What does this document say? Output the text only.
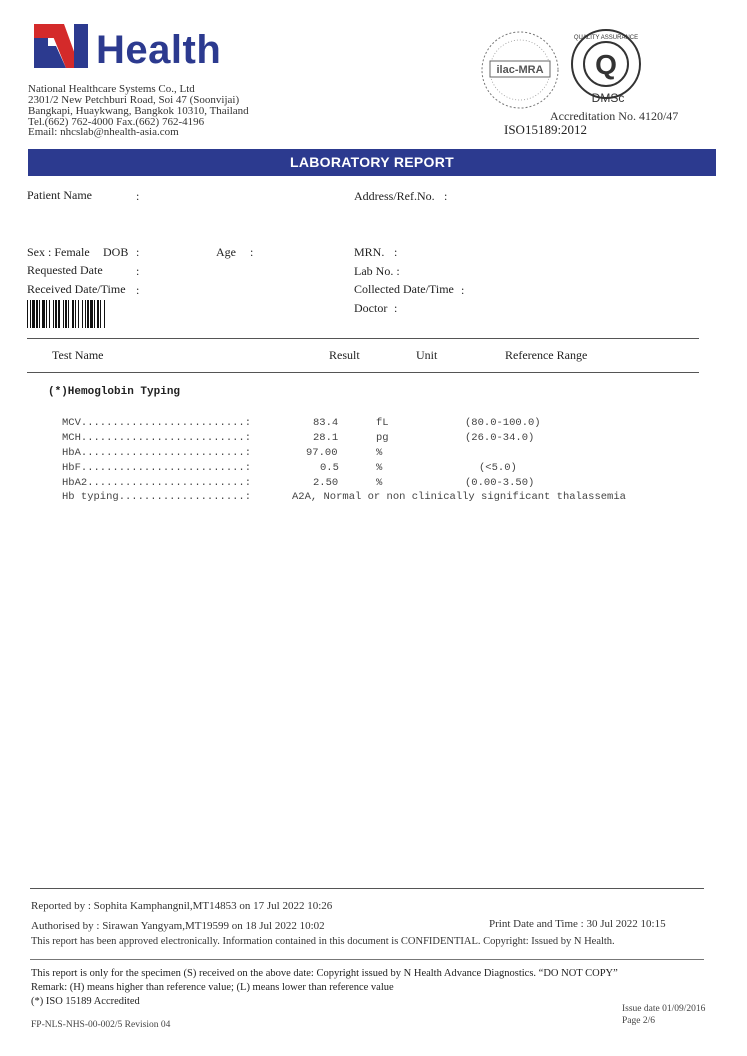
Health
National Healthcare Systems Co., Ltd
2301/2 New Petchburi Road, Soi 47 (Soonvijai)
Bangkapi, Huaykwang, Bangkok 10310, Thailand
Tel.(662) 762-4000 Fax.(662) 762-4196
Email: nhcslab@nhealth-asia.com
ilac-MRA Q
QUALITY ASSURANCE
DMSc
Accreditation No. 4120/47
ISO15189:2012
LABORATORY REPORT
Patient Name	:	Address/Ref.No. :
Sex : Female DOB :	Age :	MRN. :
Requested Date	:	Lab No. :
Received Date/Time :	Collected Date/Time :
Doctor :
Test Name	Result	Unit	Reference Range
(*)Hemoglobin Typing
MCV..........................:	83.4	fL	(80.0-100.0)
MCH..........................:	28.1	pg	(26.0-34.0)
HbA..........................:	97.00	%
HbF..........................:	0.5	%	(<5.0)
HbA2.........................:	2.50	%	(0.00-3.50)
Hb typing....................:	A2A, Normal or non clinically significant thalassemia
Reported by : Sophita Kamphangnil,MT14853 on 17 Jul 2022 10:26
Authorised by : Sirawan Yangyam,MT19599 on 18 Jul 2022 10:02	Print Date and Time : 30 Jul 2022 10:15
This report has been approved electronically. Information contained in this document is CONFIDENTIAL. Copyright: Issued by N Health.
This report is only for the specimen (S) received on the above date: Copyright issued by N Health Advance Diagnostics. “DO NOT COPY”
Remark: (H) means higher than reference value; (L) means lower than reference value
(*) ISO 15189 Accredited
FP-NLS-NHS-00-002/5 Revision 04
Issue date 01/09/2016
Page 2/6
